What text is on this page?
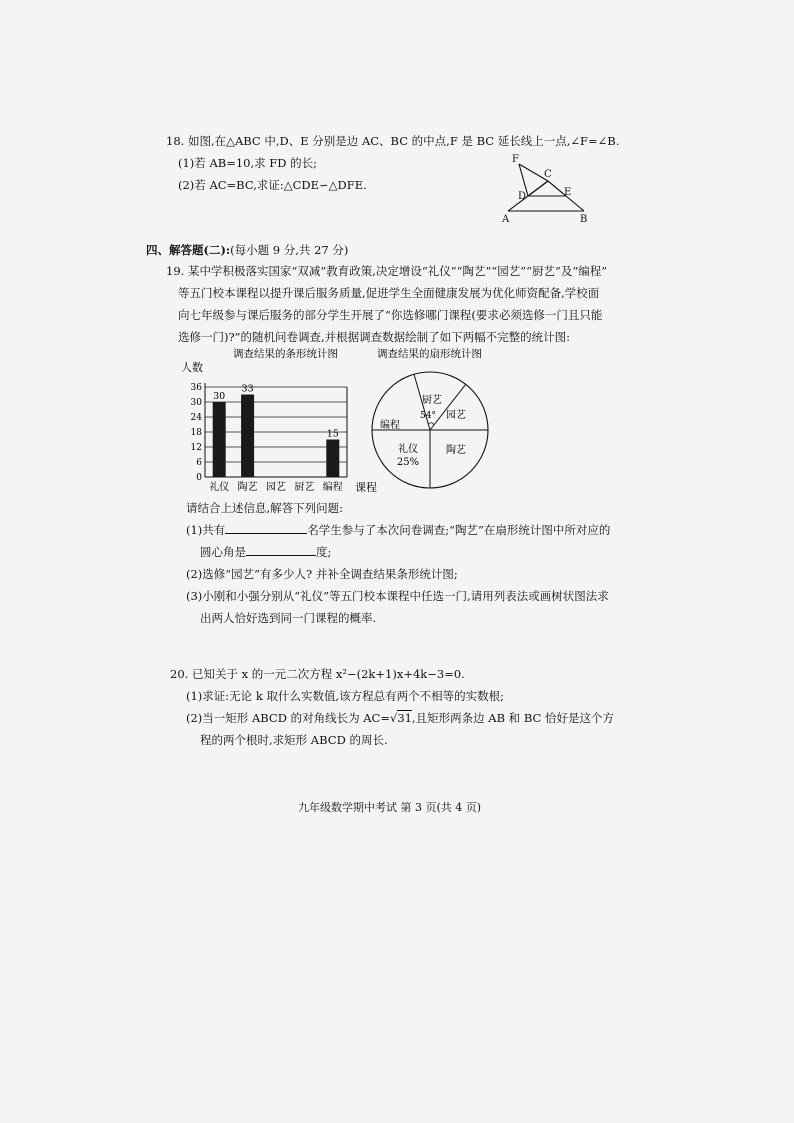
18. 如图,在△ABC 中,D、E 分别是边 AC、BC 的中点,F 是 BC 延长线上一点,∠F=∠B.
(1)若 AB=10,求 FD 的长;
(2)若 AC=BC,求证:△CDE∽△DFE.
F
C
D	E
A	B
四、解答题(二):(每小题 9 分,共 27 分)
19. 某中学积极落实国家“双减”教育政策,决定增设“礼仪”“陶艺”“园艺”“厨艺”及“编程”
等五门校本课程以提升课后服务质量,促进学生全面健康发展为优化师资配备,学校面
向七年级参与课后服务的部分学生开展了“你选修哪门课程(要求必须选修一门且只能
选修一门)?”的随机问卷调查,并根据调查数据绘制了如下两幅不完整的统计图:
调查结果的条形统计图
人数
课程
0
6
12
18
24
30
36
30
礼仪
33
陶艺 园艺 厨艺
15
编程
调查结果的扇形统计图
厨艺
54° 园艺
陶艺
礼仪
25%
编程
请结合上述信息,解答下列问题:
(1)共有	名学生参与了本次问卷调查;“陶艺”在扇形统计图中所对应的
圆心角是	度;
(2)选修“园艺”有多少人? 并补全调查结果条形统计图;
(3)小刚和小强分别从“礼仪”等五门校本课程中任选一门,请用列表法或画树状图法求
出两人恰好选到同一门课程的概率.
20. 已知关于 x 的一元二次方程 x²−(2k+1)x+4k−3=0.
(1)求证:无论 k 取什么实数值,该方程总有两个不相等的实数根;
(2)当一矩形 ABCD 的对角线长为 AC=√31,且矩形两条边 AB 和 BC 恰好是这个方
程的两个根时,求矩形 ABCD 的周长.
九年级数学期中考试 第 3 页(共 4 页)
